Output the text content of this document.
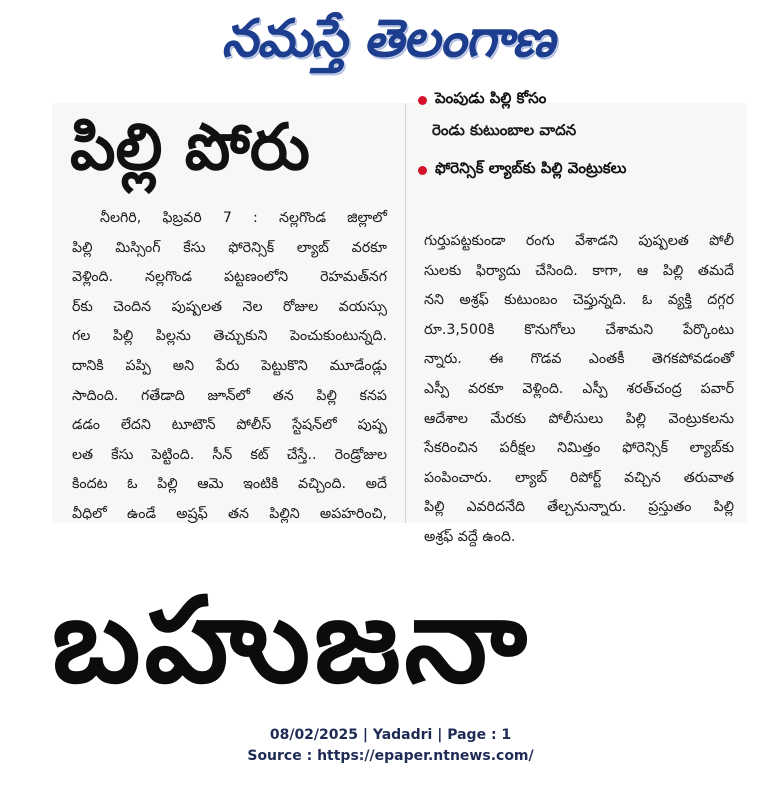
నమస్తే తెలంగాణ
పిల్లి పోరు
పెంపుడు పిల్లి కోసం
రెండు కుటుంబాల వాదన
ఫోరెన్సిక్ ల్యాబ్‌కు పిల్లి వెంట్రుకలు
నీలగిరి, ఫిబ్రవరి 7 : నల్లగొండ జిల్లాలో
పిల్లి మిస్సింగ్ కేసు ఫోరెన్సిక్ ల్యాబ్ వరకూ
వెళ్లింది. నల్లగొండ పట్టణంలోని రెహమత్‌నగ
ర్‌కు చెందిన పుష్పలత నెల రోజుల వయస్సు
గల పిల్లి పిల్లను తెచ్చుకుని పెంచుకుంటున్నది.
దానికి పప్పి అని పేరు పెట్టుకొని మూడేండ్లు
సాదింది. గతేడాది జూన్‌లో తన పిల్లి కనప
డడం లేదని టూటౌన్ పోలీస్ స్టేషన్‌లో పుష్ప
లత కేసు పెట్టింది. సీన్ కట్ చేస్తే.. రెండ్రోజుల
కిందట ఓ పిల్లి ఆమె ఇంటికి వచ్చింది. అదే
వీధిలో ఉండే అష్రఫ్ తన పిల్లిని అపహరించి,
గుర్తుపట్టకుండా రంగు వేశాడని పుష్పలత పోలీ
సులకు ఫిర్యాదు చేసింది. కాగా, ఆ పిల్లి తమదే
నని అశ్రఫ్ కుటుంబం చెప్తున్నది. ఓ వ్యక్తి దగ్గర
రూ.3,500కి కొనుగోలు చేశామని పేర్కొంటు
న్నారు. ఈ గొడవ ఎంతకీ తెగకపోవడంతో
ఎస్పీ వరకూ వెళ్లింది. ఎస్పీ శరత్‌చంద్ర పవార్
ఆదేశాల మేరకు పోలీసులు పిల్లి వెంట్రుకలను
సేకరించిన పరీక్షల నిమిత్తం ఫోరెన్సిక్ ల్యాబ్‌కు
పంపించారు. ల్యాబ్ రిపోర్ట్ వచ్చిన తరువాత
పిల్లి ఎవరిదనేది తేల్చనున్నారు. ప్రస్తుతం పిల్లి
అశ్రఫ్ వద్దే ఉంది.
బహుజనా
08/02/2025 | Yadadri | Page : 1
Source : https://epaper.ntnews.com/
